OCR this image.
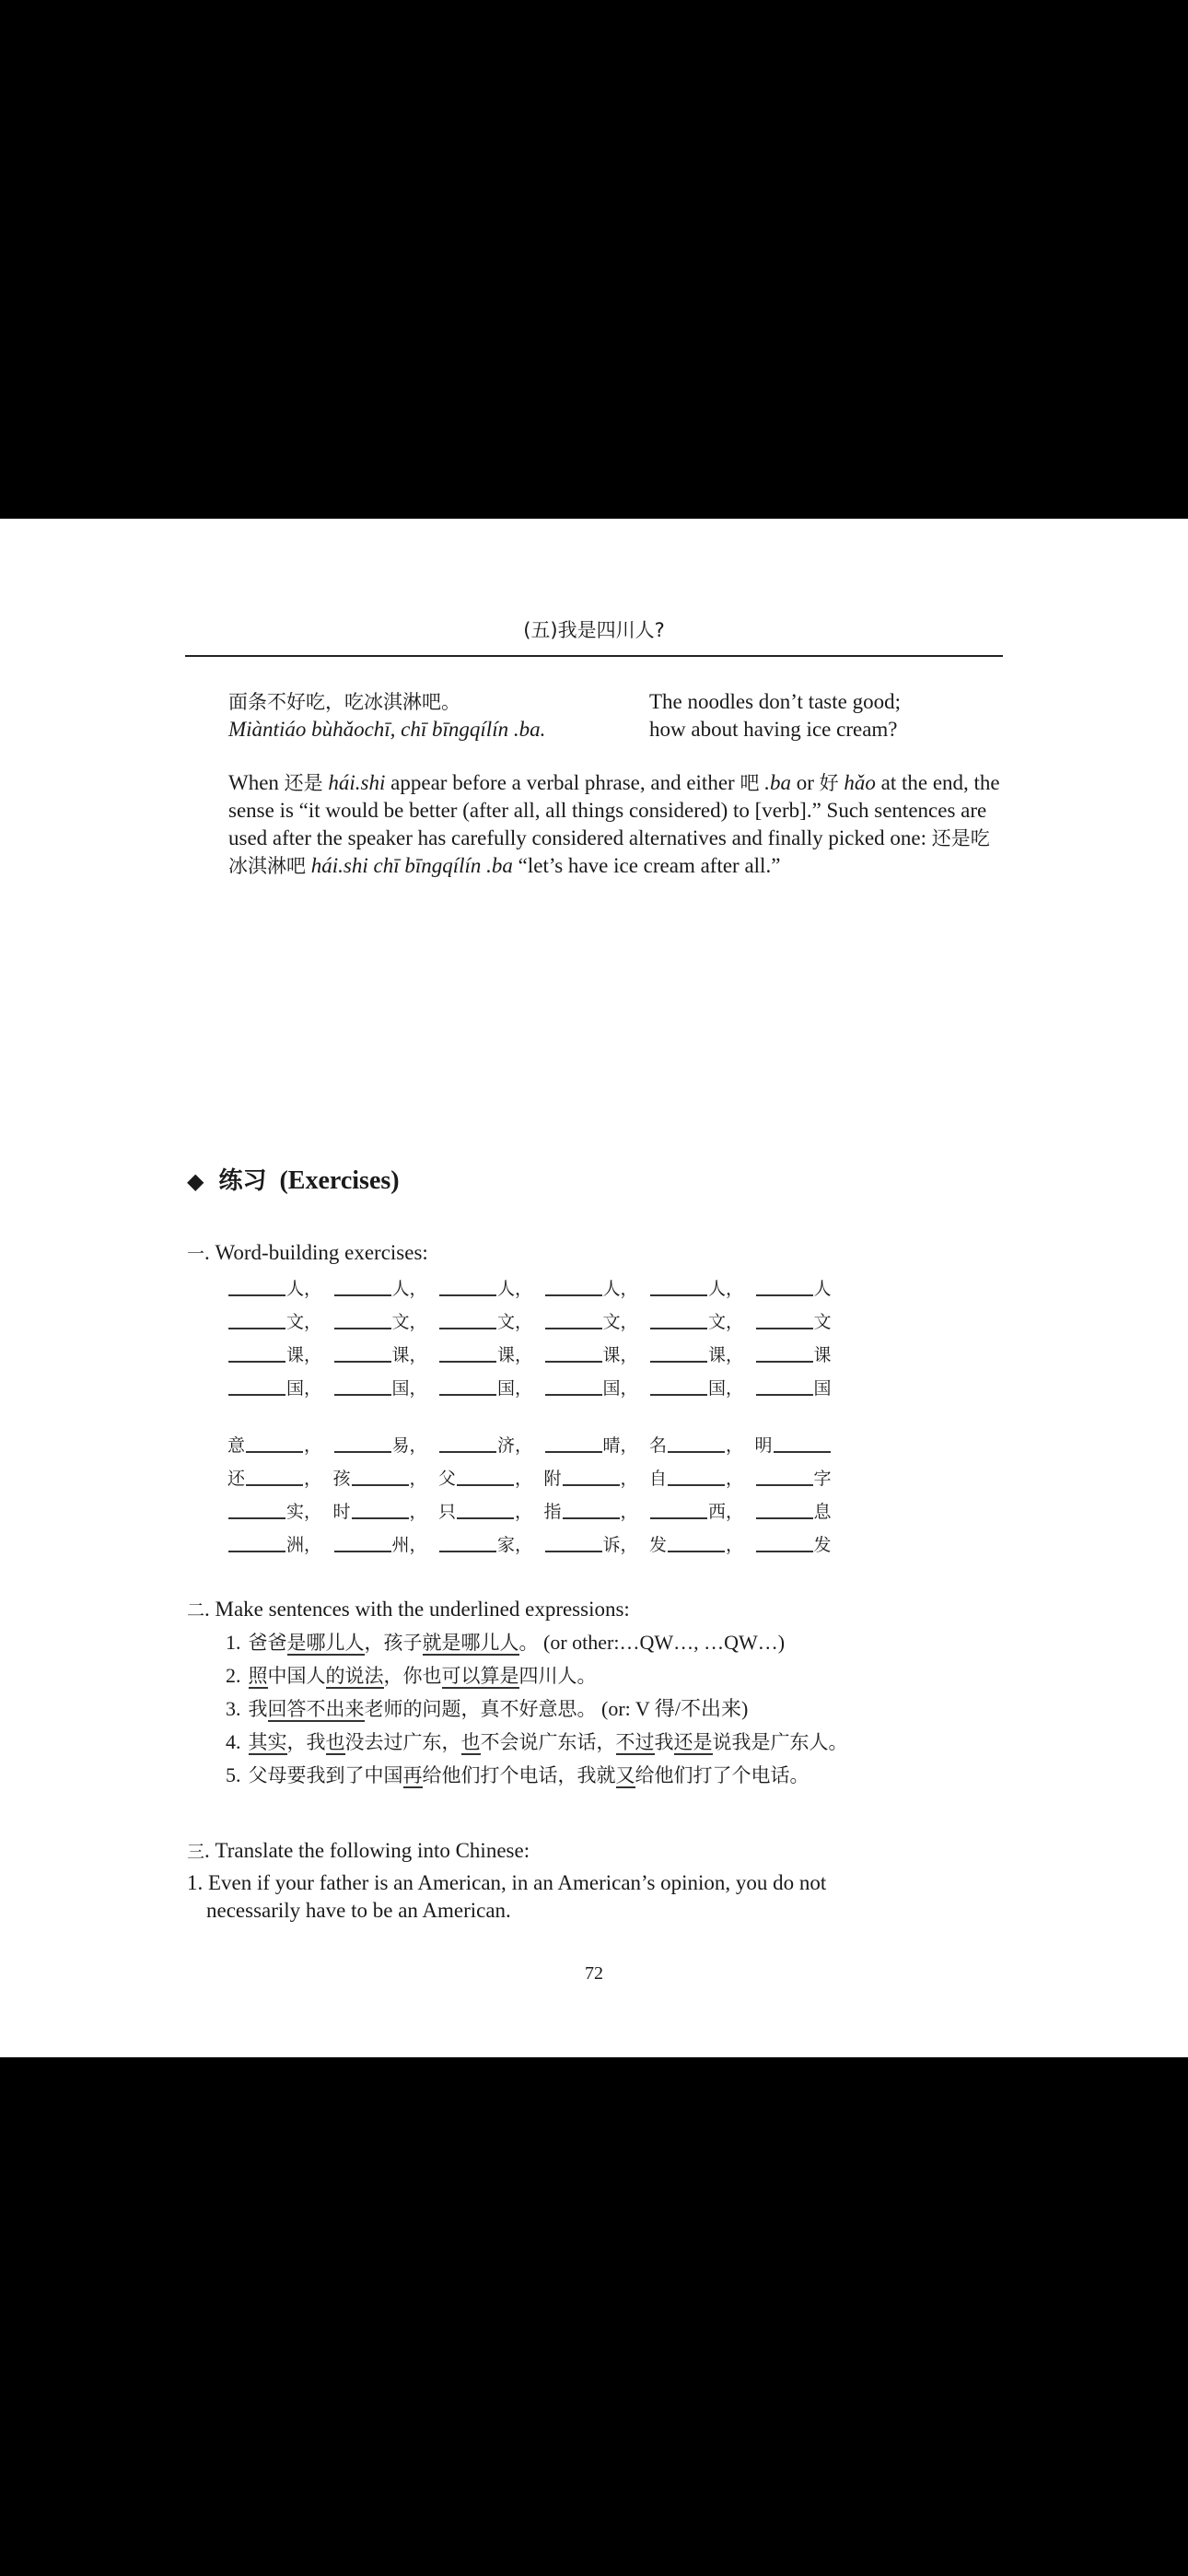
(五)我是四川人?
面条不好吃，吃冰淇淋吧。
Miàntiáo bùhǎochī, chī bīngqílín .ba.
The noodles don’t taste good;
how about having ice cream?
When 还是 hái.shi appear before a verbal phrase, and either 吧 .ba or 好 hǎo at the end, the sense is “it would be better (after all, all things considered) to [verb].” Such sentences are used after the speaker has carefully considered alternatives and finally picked one: 还是吃冰淇淋吧 hái.shi chī bīngqílín .ba “let’s have ice cream after all.”
◆ 练习 (Exercises)
一. Word-building exercises:
人，	人，	人，	人，	人，	人
文，	文，	文，	文，	文，	文
课，	课，	课，	课，	课，	课
国，	国，	国，	国，	国，	国
意	，	易，	济，	晴， 名	， 明
还	， 孩	， 父	， 附	， 自	，	字
实， 时	， 只	， 指	，	西，	息
洲，	州，	家，	诉， 发	，	发
二. Make sentences with the underlined expressions:
1. 爸爸是哪儿人，孩子就是哪儿人。 (or other:…QW…, …QW…)
2. 照中国人的说法，你也可以算是四川人。
3. 我回答不出来老师的问题，真不好意思。 (or: V 得/不出来)
4. 其实，我也没去过广东，也不会说广东话，不过我还是说我是广东人。
5. 父母要我到了中国再给他们打个电话，我就又给他们打了个电话。
三. Translate the following into Chinese:
1. Even if your father is an American, in an American’s opinion, you do not
necessarily have to be an American.
72
